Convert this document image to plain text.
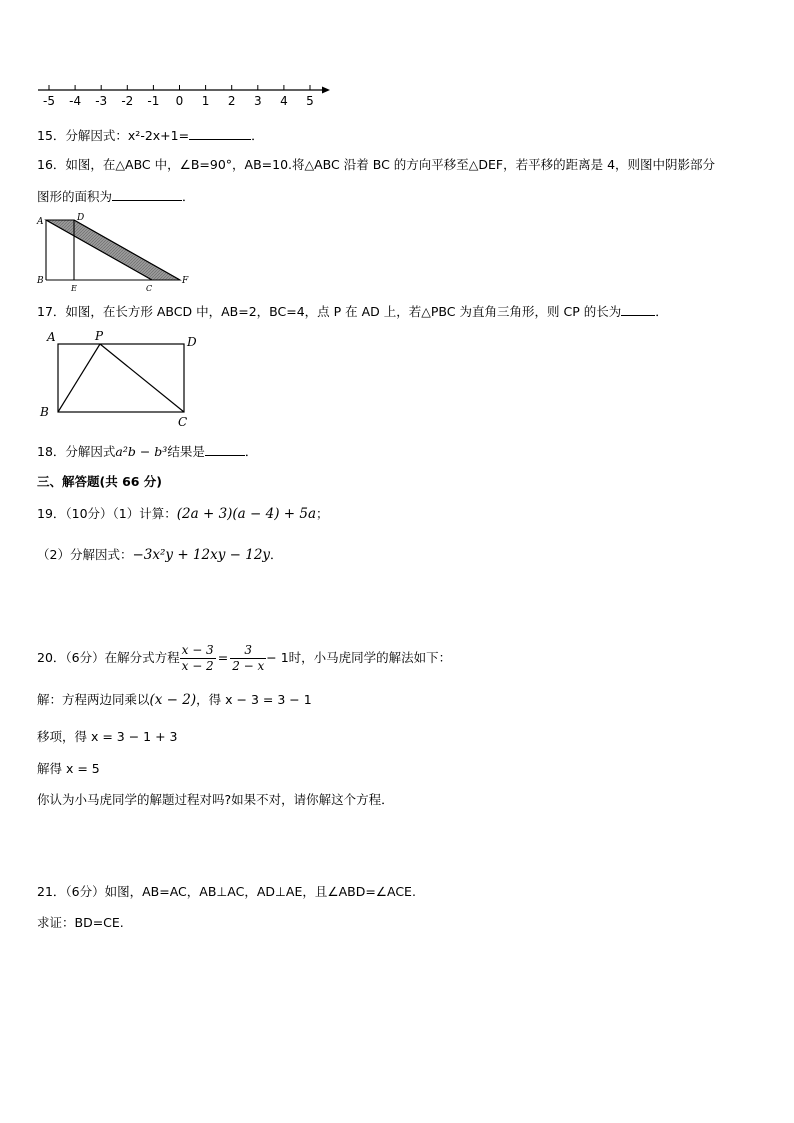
-5 -4 -3 -2 -1 0 1 2 3 4 5
15．分解因式：x²-2x+1=	．
16．如图，在△ABC 中，∠B=90°，AB=10.将△ABC 沿着 BC 的方向平移至△DEF，若平移的距离是 4，则图中阴影部分
图形的面积为	．
A	D
B
E	C
F
17．如图，在长方形 ABCD 中，AB=2，BC=4，点 P 在 AD 上，若△PBC 为直角三角形，则 CP 的长为	．
A	P	D
B
C
18．分解因式a²b − b³结果是	．
三、解答题(共 66 分)
19．（10分）（1）计算：(2a + 3)(a − 4) + 5a；
（2）分解因式：−3x²y + 12xy − 12y．
20．（6分）在解分式方程 $\frac{x - 3}{x - 2} = \frac{3}{2 - x} - 1$时，小马虎同学的解法如下：
解：方程两边同乘以(x − 2)，得 x − 3 = 3 − 1
移项，得 x = 3 − 1 + 3
解得 x = 5
你认为小马虎同学的解题过程对吗?如果不对，请你解这个方程．
21．（6分）如图，AB=AC，AB⊥AC，AD⊥AE，且∠ABD=∠ACE.
求证：BD=CE.
